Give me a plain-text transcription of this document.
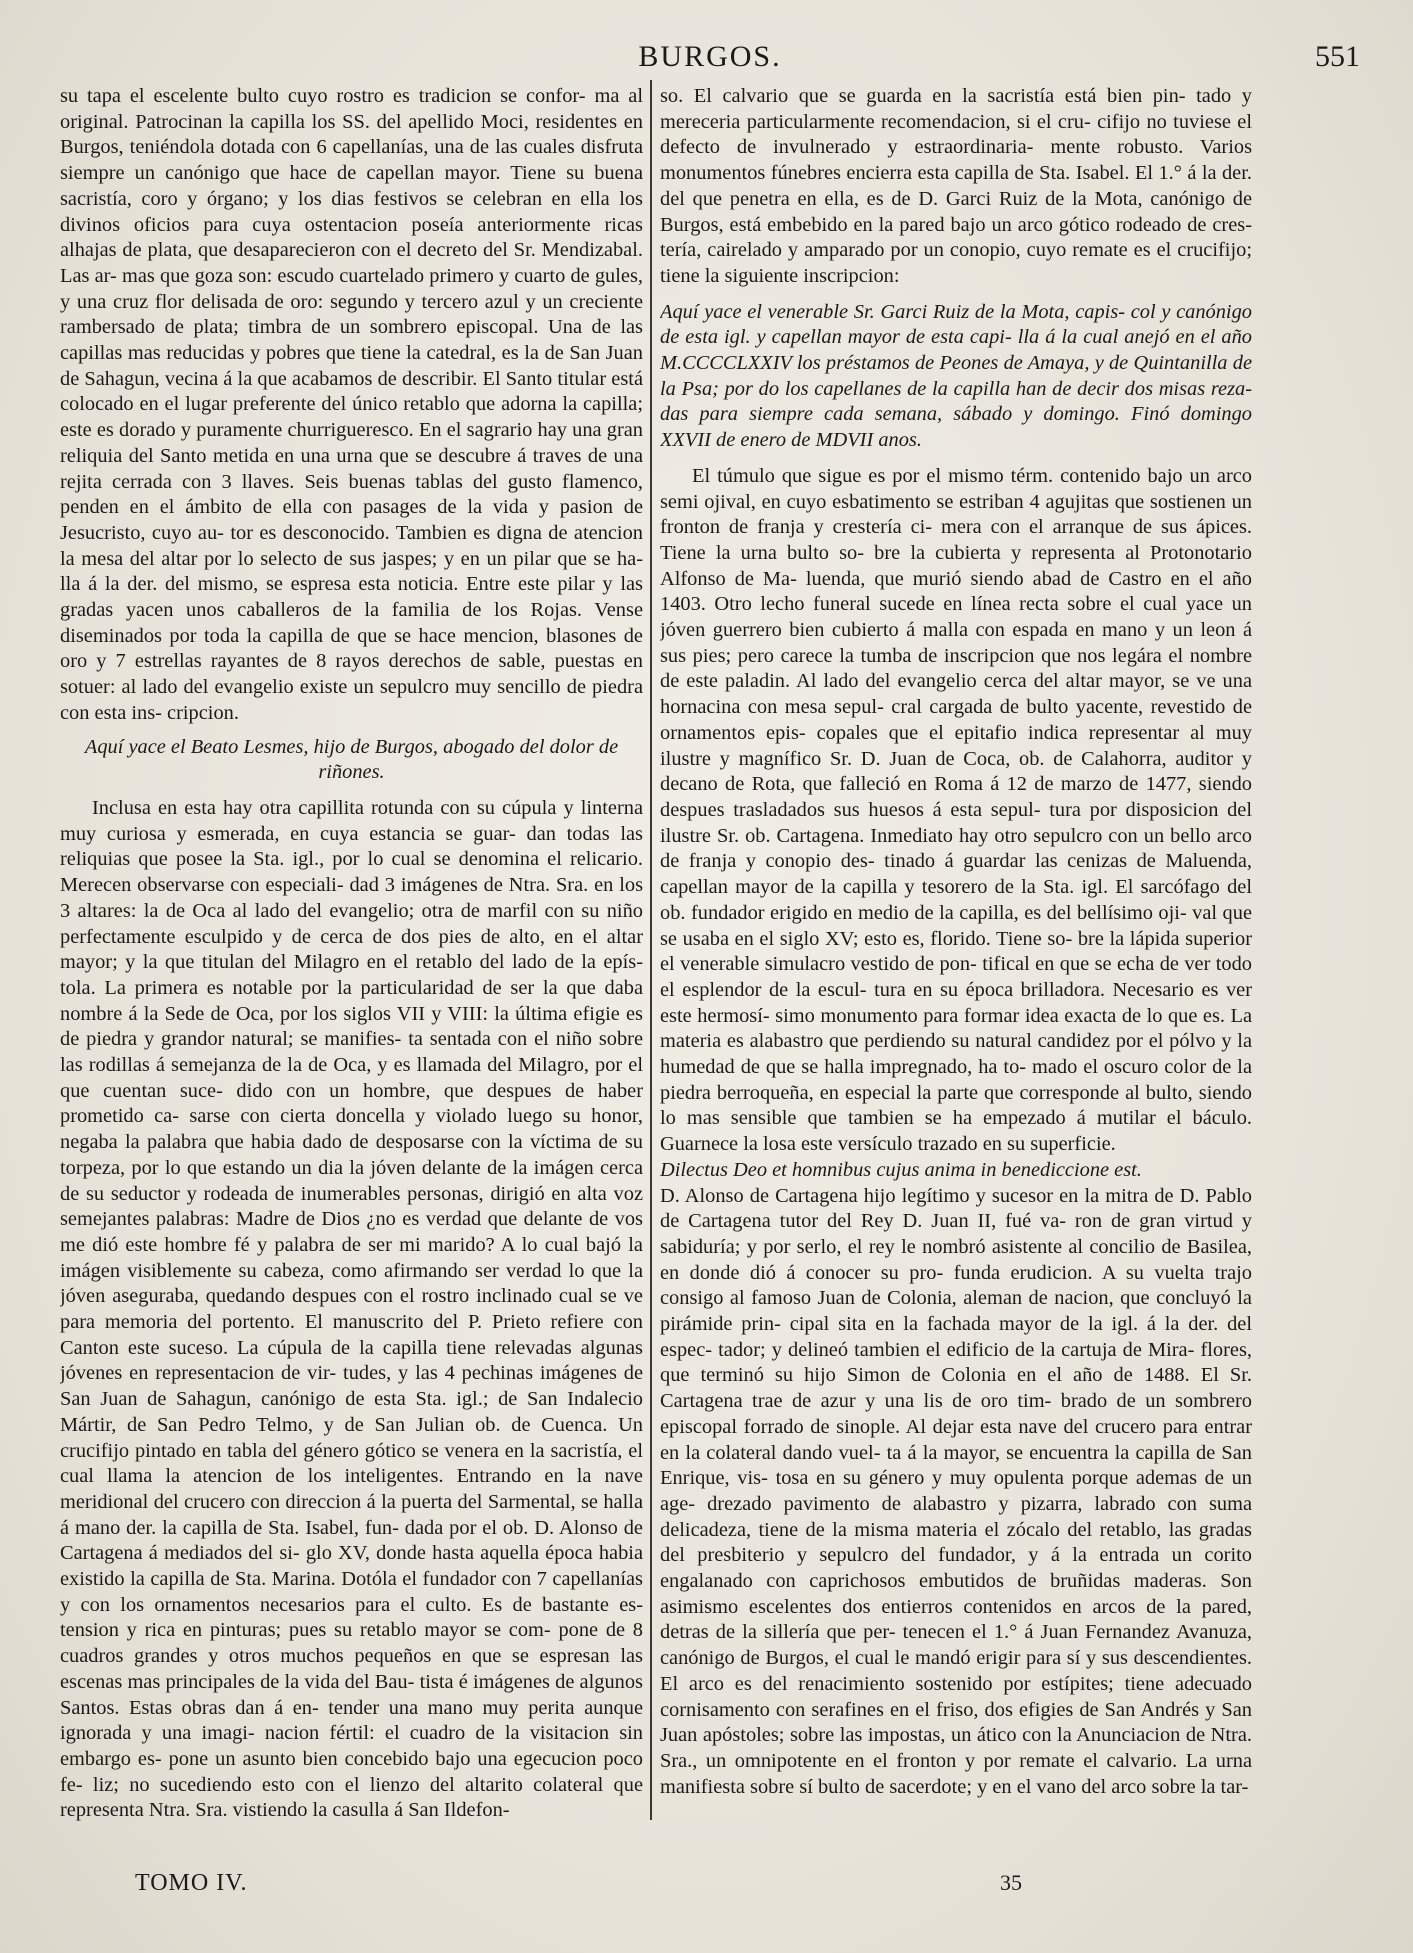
BURGOS.	551

su tapa el escelente bulto cuyo rostro es tradicion se confor- ma al original. Patrocinan la capilla los SS. del apellido Moci, residentes en Burgos, teniéndola dotada con 6 capellanías, una de las cuales disfruta siempre un canónigo que hace de capellan mayor. Tiene su buena sacristía, coro y órgano; y los dias festivos se celebran en ella los divinos oficios para cuya ostentacion poseía anteriormente ricas alhajas de plata, que desaparecieron con el decreto del Sr. Mendizabal. Las ar- mas que goza son: escudo cuartelado primero y cuarto de gules, y una cruz flor delisada de oro: segundo y tercero azul y un creciente rambersado de plata; timbra de un sombrero episcopal. Una de las capillas mas reducidas y pobres que tiene la catedral, es la de San Juan de Sahagun, vecina á la que acabamos de describir. El Santo titular está colocado en el lugar preferente del único retablo que adorna la capilla; este es dorado y puramente churrigueresco. En el sagrario hay una gran reliquia del Santo metida en una urna que se descubre á traves de una rejita cerrada con 3 llaves. Seis buenas tablas del gusto flamenco, penden en el ámbito de ella con pasages de la vida y pasion de Jesucristo, cuyo au- tor es desconocido. Tambien es digna de atencion la mesa del altar por lo selecto de sus jaspes; y en un pilar que se ha- lla á la der. del mismo, se espresa esta noticia. Entre este pilar y las gradas yacen unos caballeros de la familia de los Rojas. Vense diseminados por toda la capilla de que se hace mencion, blasones de oro y 7 estrellas rayantes de 8 rayos derechos de sable, puestas en sotuer: al lado del evangelio existe un sepulcro muy sencillo de piedra con esta ins- cripcion.

Aquí yace el Beato Lesmes, hijo de Burgos, abogado del dolor de riñones.

Inclusa en esta hay otra capillita rotunda con su cúpula y linterna muy curiosa y esmerada, en cuya estancia se guar- dan todas las reliquias que posee la Sta. igl., por lo cual se denomina el relicario. Merecen observarse con especiali- dad 3 imágenes de Ntra. Sra. en los 3 altares: la de Oca al lado del evangelio; otra de marfil con su niño perfectamente esculpido y de cerca de dos pies de alto, en el altar mayor; y la que titulan del Milagro en el retablo del lado de la epís- tola. La primera es notable por la particularidad de ser la que daba nombre á la Sede de Oca, por los siglos VII y VIII: la última efigie es de piedra y grandor natural; se manifies- ta sentada con el niño sobre las rodillas á semejanza de la de Oca, y es llamada del Milagro, por el que cuentan suce- dido con un hombre, que despues de haber prometido ca- sarse con cierta doncella y violado luego su honor, negaba la palabra que habia dado de desposarse con la víctima de su torpeza, por lo que estando un dia la jóven delante de la imágen cerca de su seductor y rodeada de inumerables personas, dirigió en alta voz semejantes palabras: Madre de Dios ¿no es verdad que delante de vos me dió este hombre fé y palabra de ser mi marido? A lo cual bajó la imágen visiblemente su cabeza, como afirmando ser verdad lo que la jóven aseguraba, quedando despues con el rostro inclinado cual se ve para memoria del portento. El manuscrito del P. Prieto refiere con Canton este suceso. La cúpula de la capilla tiene relevadas algunas jóvenes en representacion de vir- tudes, y las 4 pechinas imágenes de San Juan de Sahagun, canónigo de esta Sta. igl.; de San Indalecio Mártir, de San Pedro Telmo, y de San Julian ob. de Cuenca. Un crucifijo pintado en tabla del género gótico se venera en la sacristía, el cual llama la atencion de los inteligentes. Entrando en la nave meridional del crucero con direccion á la puerta del Sarmental, se halla á mano der. la capilla de Sta. Isabel, fun- dada por el ob. D. Alonso de Cartagena á mediados del si- glo XV, donde hasta aquella época habia existido la capilla de Sta. Marina. Dotóla el fundador con 7 capellanías y con los ornamentos necesarios para el culto. Es de bastante es- tension y rica en pinturas; pues su retablo mayor se com- pone de 8 cuadros grandes y otros muchos pequeños en que se espresan las escenas mas principales de la vida del Bau- tista é imágenes de algunos Santos. Estas obras dan á en- tender una mano muy perita aunque ignorada y una imagi- nacion fértil: el cuadro de la visitacion sin embargo es- pone un asunto bien concebido bajo una egecucion poco fe- liz; no sucediendo esto con el lienzo del altarito colateral que representa Ntra. Sra. vistiendo la casulla á San Ildefon-

so. El calvario que se guarda en la sacristía está bien pin- tado y mereceria particularmente recomendacion, si el cru- cifijo no tuviese el defecto de invulnerado y estraordinaria- mente robusto. Varios monumentos fúnebres encierra esta capilla de Sta. Isabel. El 1.° á la der. del que penetra en ella, es de D. Garci Ruiz de la Mota, canónigo de Burgos, está embebido en la pared bajo un arco gótico rodeado de cres- tería, cairelado y amparado por un conopio, cuyo remate es el crucifijo; tiene la siguiente inscripcion:

Aquí yace el venerable Sr. Garci Ruiz de la Mota, capis- col y canónigo de esta igl. y capellan mayor de esta capi- lla á la cual anejó en el año M.CCCCLXXIV los préstamos de Peones de Amaya, y de Quintanilla de la Psa; por do los capellanes de la capilla han de decir dos misas reza- das para siempre cada semana, sábado y domingo. Finó domingo XXVII de enero de MDVII anos.

El túmulo que sigue es por el mismo térm. contenido bajo un arco semi ojival, en cuyo esbatimento se estriban 4 agujitas que sostienen un fronton de franja y crestería ci- mera con el arranque de sus ápices. Tiene la urna bulto so- bre la cubierta y representa al Protonotario Alfonso de Ma- luenda, que murió siendo abad de Castro en el año 1403. Otro lecho funeral sucede en línea recta sobre el cual yace un jóven guerrero bien cubierto á malla con espada en mano y un leon á sus pies; pero carece la tumba de inscripcion que nos legára el nombre de este paladin. Al lado del evangelio cerca del altar mayor, se ve una hornacina con mesa sepul- cral cargada de bulto yacente, revestido de ornamentos epis- copales que el epitafio indica representar al muy ilustre y magnífico Sr. D. Juan de Coca, ob. de Calahorra, auditor y decano de Rota, que falleció en Roma á 12 de marzo de 1477, siendo despues trasladados sus huesos á esta sepul- tura por disposicion del ilustre Sr. ob. Cartagena. Inmediato hay otro sepulcro con un bello arco de franja y conopio des- tinado á guardar las cenizas de Maluenda, capellan mayor de la capilla y tesorero de la Sta. igl. El sarcófago del ob. fundador erigido en medio de la capilla, es del bellísimo oji- val que se usaba en el siglo XV; esto es, florido. Tiene so- bre la lápida superior el venerable simulacro vestido de pon- tifical en que se echa de ver todo el esplendor de la escul- tura en su época brilladora. Necesario es ver este hermosí- simo monumento para formar idea exacta de lo que es. La materia es alabastro que perdiendo su natural candidez por el pólvo y la humedad de que se halla impregnado, ha to- mado el oscuro color de la piedra berroqueña, en especial la parte que corresponde al bulto, siendo lo mas sensible que tambien se ha empezado á mutilar el báculo. Guarnece la losa este versículo trazado en su superficie.

Dilectus Deo et homnibus cujus anima in benediccione est.

D. Alonso de Cartagena hijo legítimo y sucesor en la mitra de D. Pablo de Cartagena tutor del Rey D. Juan II, fué va- ron de gran virtud y sabiduría; y por serlo, el rey le nombró asistente al concilio de Basilea, en donde dió á conocer su pro- funda erudicion. A su vuelta trajo consigo al famoso Juan de Colonia, aleman de nacion, que concluyó la pirámide prin- cipal sita en la fachada mayor de la igl. á la der. del espec- tador; y delineó tambien el edificio de la cartuja de Mira- flores, que terminó su hijo Simon de Colonia en el año de 1488. El Sr. Cartagena trae de azur y una lis de oro tim- brado de un sombrero episcopal forrado de sinople. Al dejar esta nave del crucero para entrar en la colateral dando vuel- ta á la mayor, se encuentra la capilla de San Enrique, vis- tosa en su género y muy opulenta porque ademas de un age- drezado pavimento de alabastro y pizarra, labrado con suma delicadeza, tiene de la misma materia el zócalo del retablo, las gradas del presbiterio y sepulcro del fundador, y á la entrada un corito engalanado con caprichosos embutidos de bruñidas maderas. Son asimismo escelentes dos entierros contenidos en arcos de la pared, detras de la sillería que per- tenecen el 1.° á Juan Fernandez Avanuza, canónigo de Burgos, el cual le mandó erigir para sí y sus descendientes. El arco es del renacimiento sostenido por estípites; tiene adecuado cornisamento con serafines en el friso, dos efigies de San Andrés y San Juan apóstoles; sobre las impostas, un ático con la Anunciacion de Ntra. Sra., un omnipotente en el fronton y por remate el calvario. La urna manifiesta sobre sí bulto de sacerdote; y en el vano del arco sobre la tar-

TOMO IV.	35
